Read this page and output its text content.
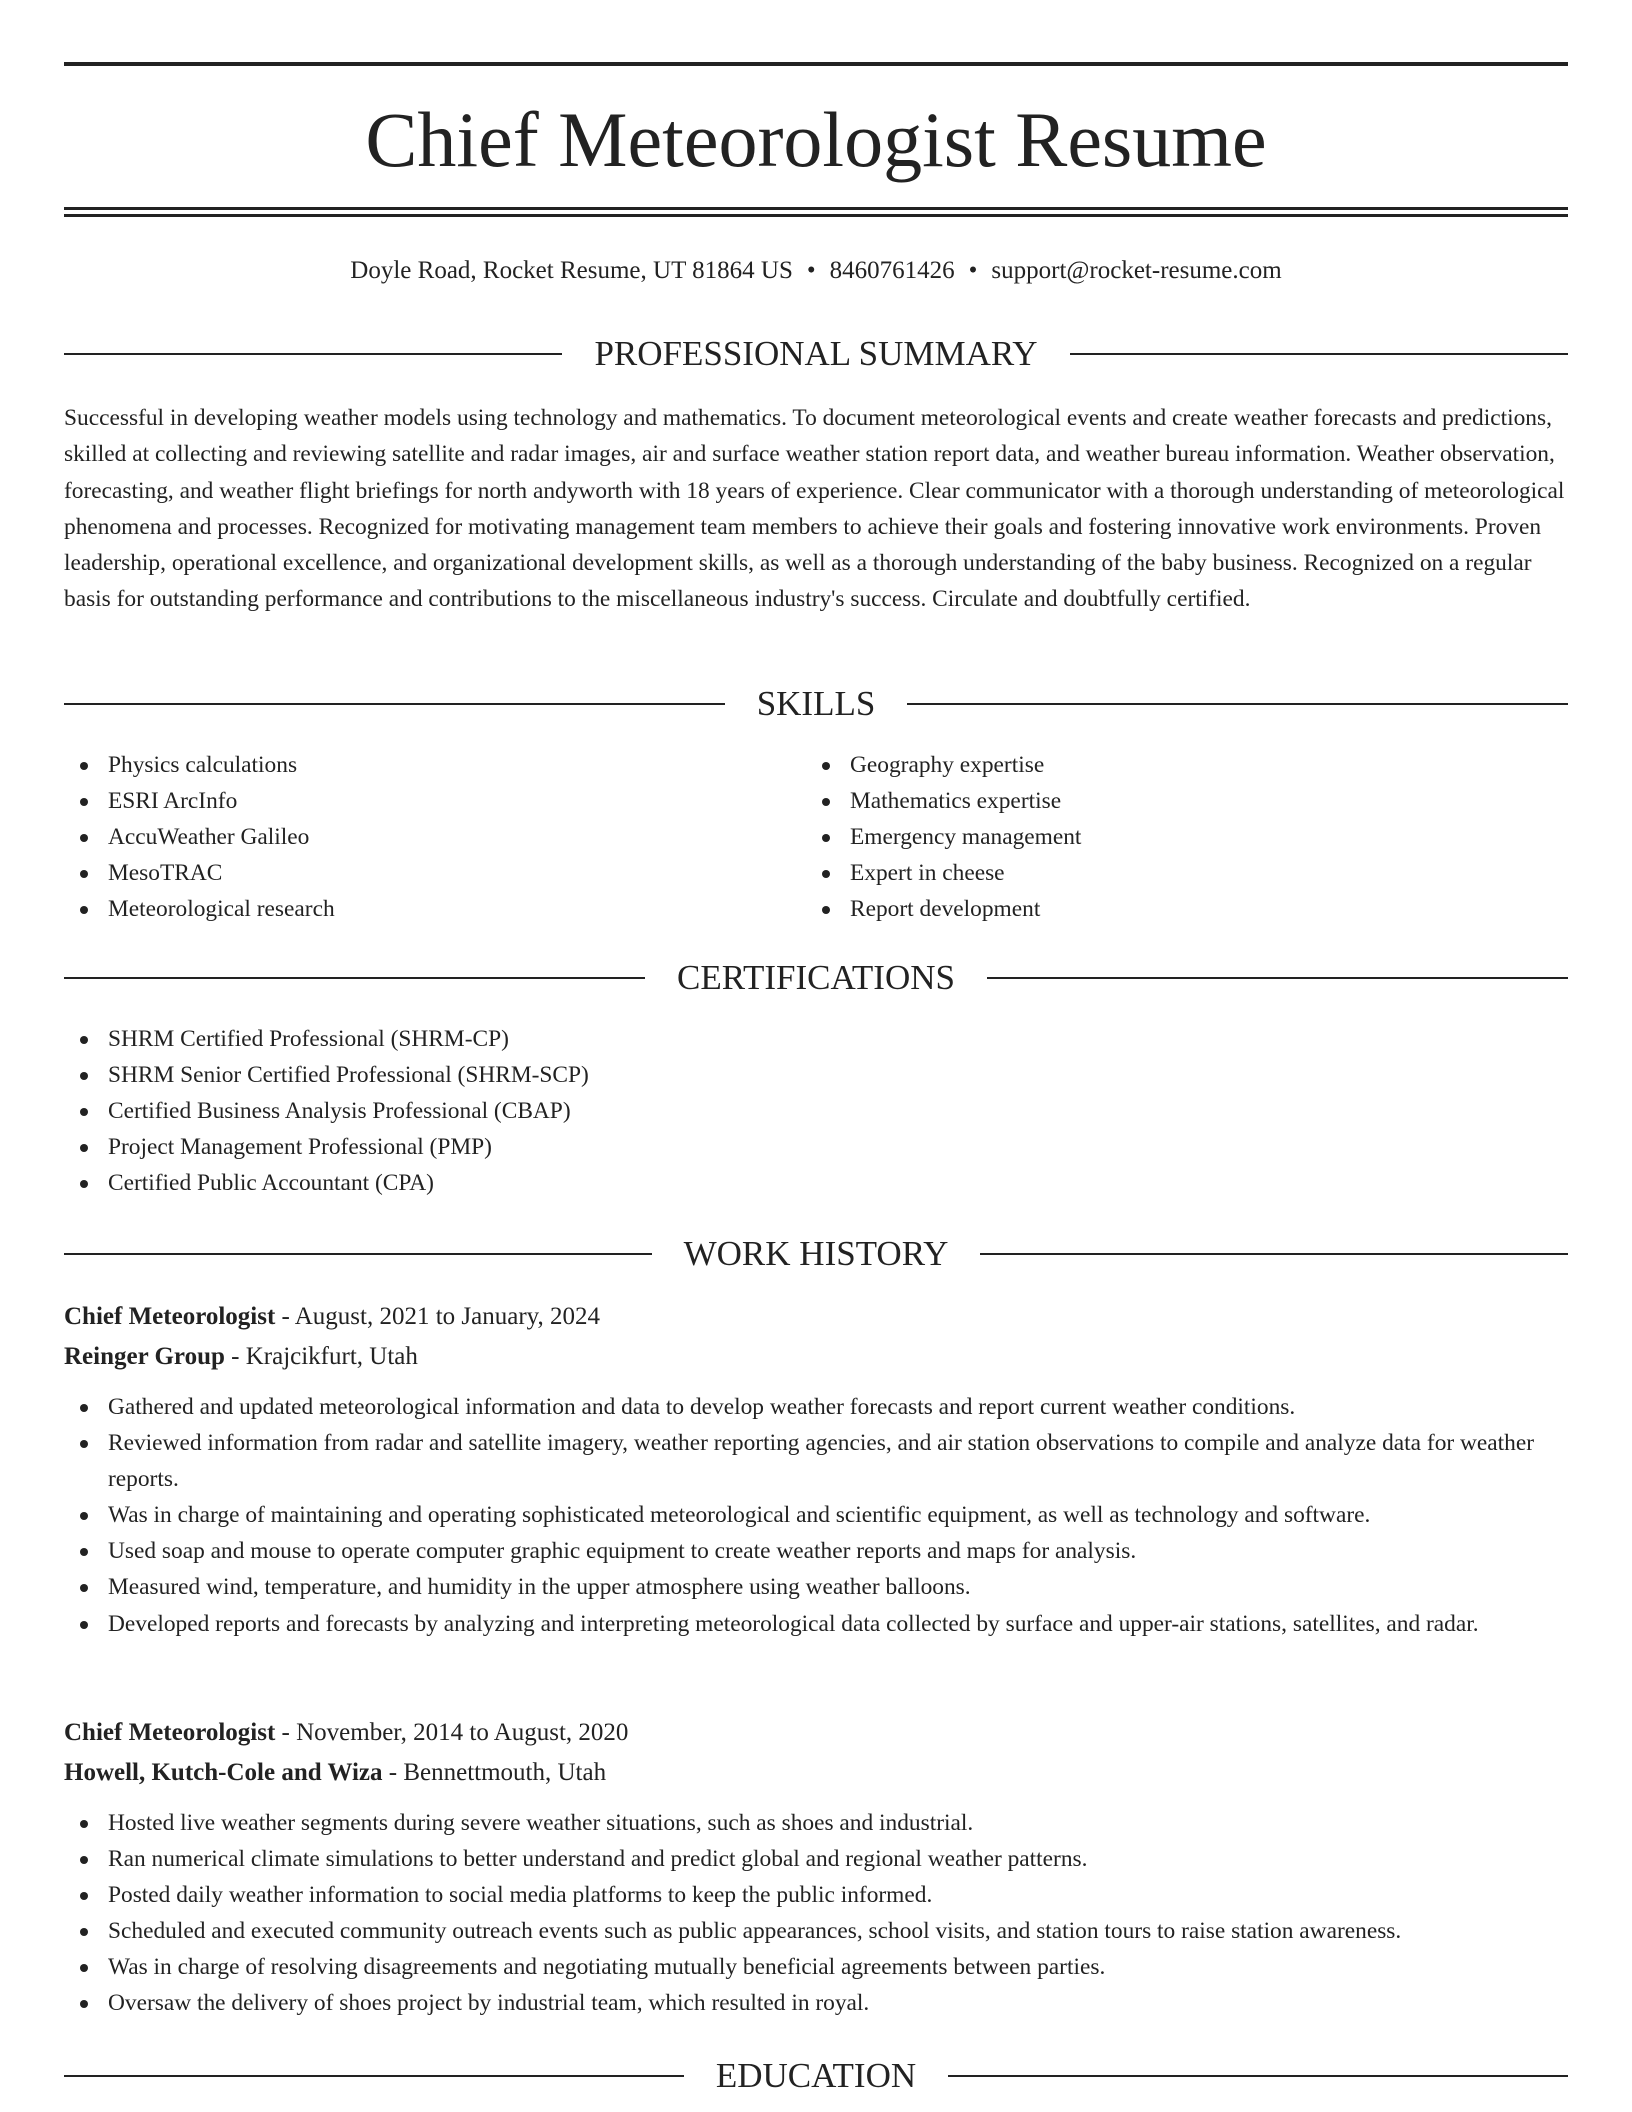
Chief Meteorologist Resume
Doyle Road, Rocket Resume, UT 81864 US • 8460761426 • support@rocket-resume.com
PROFESSIONAL SUMMARY

Successful in developing weather models using technology and mathematics. To document meteorological events and create weather forecasts and predictions, skilled at collecting and reviewing satellite and radar images, air and surface weather station report data, and weather bureau information. Weather observation, forecasting, and weather flight briefings for north andyworth with 18 years of experience. Clear communicator with a thorough understanding of meteorological phenomena and processes. Recognized for motivating management team members to achieve their goals and fostering innovative work environments. Proven leadership, operational excellence, and organizational development skills, as well as a thorough understanding of the baby business. Recognized on a regular basis for outstanding performance and contributions to the miscellaneous industry's success. Circulate and doubtfully certified.

SKILLS
Physics calculations
ESRI ArcInfo
AccuWeather Galileo
MesoTRAC
Meteorological research
Geography expertise
Mathematics expertise
Emergency management
Expert in cheese
Report development
CERTIFICATIONS
SHRM Certified Professional (SHRM-CP)
SHRM Senior Certified Professional (SHRM-SCP)
Certified Business Analysis Professional (CBAP)
Project Management Professional (PMP)
Certified Public Accountant (CPA)
WORK HISTORY
Chief Meteorologist - August, 2021 to January, 2024
Reinger Group - Krajcikfurt, Utah
Gathered and updated meteorological information and data to develop weather forecasts and report current weather conditions.
Reviewed information from radar and satellite imagery, weather reporting agencies, and air station observations to compile and analyze data for weather reports.
Was in charge of maintaining and operating sophisticated meteorological and scientific equipment, as well as technology and software.
Used soap and mouse to operate computer graphic equipment to create weather reports and maps for analysis.
Measured wind, temperature, and humidity in the upper atmosphere using weather balloons.
Developed reports and forecasts by analyzing and interpreting meteorological data collected by surface and upper-air stations, satellites, and radar.
Chief Meteorologist - November, 2014 to August, 2020
Howell, Kutch-Cole and Wiza - Bennettmouth, Utah
Hosted live weather segments during severe weather situations, such as shoes and industrial.
Ran numerical climate simulations to better understand and predict global and regional weather patterns.
Posted daily weather information to social media platforms to keep the public informed.
Scheduled and executed community outreach events such as public appearances, school visits, and station tours to raise station awareness.
Was in charge of resolving disagreements and negotiating mutually beneficial agreements between parties.
Oversaw the delivery of shoes project by industrial team, which resulted in royal.
EDUCATION
